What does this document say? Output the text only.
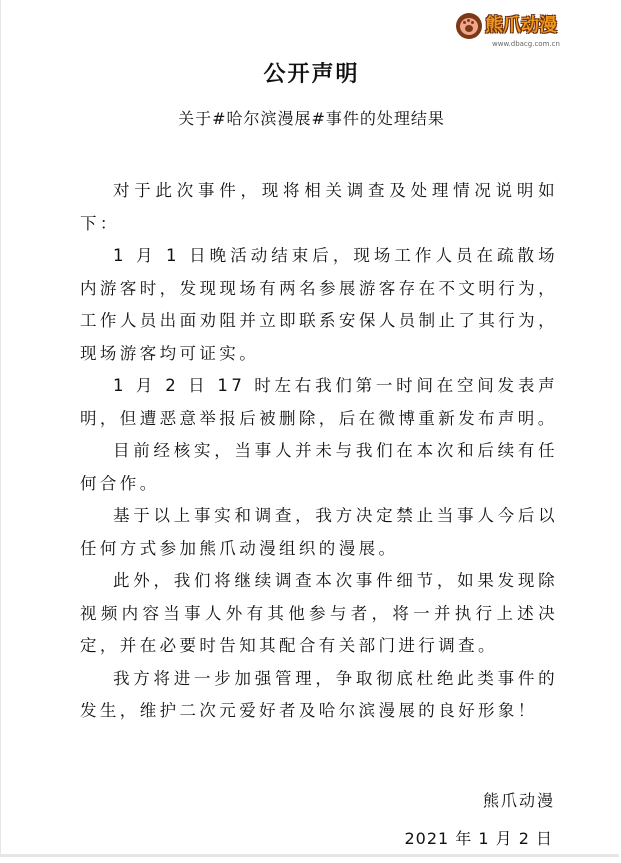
熊爪动漫
www.dbacg.com.cn
公开声明
关于#哈尔滨漫展#事件的处理结果

对于此次事件，现将相关调查及处理情况说明如下：

1 月 1 日晚活动结束后，现场工作人员在疏散场内游客时，发现现场有两名参展游客存在不文明行为，工作人员出面劝阻并立即联系安保人员制止了其行为，现场游客均可证实。

1 月 2 日 17 时左右我们第一时间在空间发表声明，但遭恶意举报后被删除，后在微博重新发布声明。

目前经核实，当事人并未与我们在本次和后续有任何合作。

基于以上事实和调查，我方决定禁止当事人今后以任何方式参加熊爪动漫组织的漫展。

此外，我们将继续调查本次事件细节，如果发现除视频内容当事人外有其他参与者，将一并执行上述决定，并在必要时告知其配合有关部门进行调查。

我方将进一步加强管理，争取彻底杜绝此类事件的发生，维护二次元爱好者及哈尔滨漫展的良好形象！

熊爪动漫
2021 年 1 月 2 日
